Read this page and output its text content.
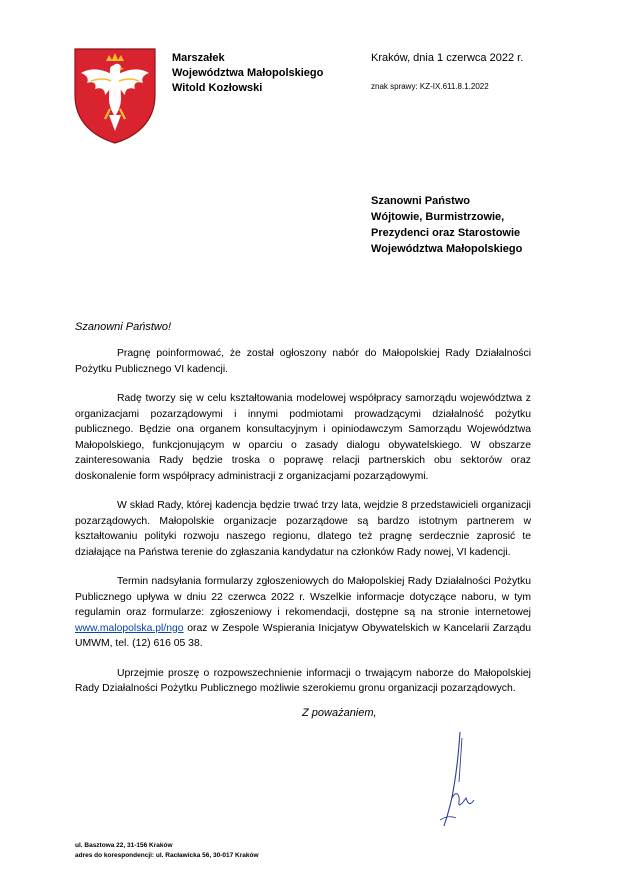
Marszałek
Województwa Małopolskiego
Witold Kozłowski
Kraków, dnia 1 czerwca 2022 r.
znak sprawy: KZ-IX.611.8.1.2022
Szanowni Państwo
Wójtowie, Burmistrzowie,
Prezydenci oraz Starostowie
Województwa Małopolskiego
Szanowni Państwo!

Pragnę poinformować, że został ogłoszony nabór do Małopolskiej Rady Działalności Pożytku Publicznego VI kadencji.

Radę tworzy się w celu kształtowania modelowej współpracy samorządu województwa z organizacjami pozarządowymi i innymi podmiotami prowadzącymi działalność pożytku publicznego. Będzie ona organem konsultacyjnym i opiniodawczym Samorządu Województwa Małopolskiego, funkcjonującym w oparciu o zasady dialogu obywatelskiego. W obszarze zainteresowania Rady będzie troska o poprawę relacji partnerskich obu sektorów oraz doskonalenie form współpracy administracji z organizacjami pozarządowymi.

W skład Rady, której kadencja będzie trwać trzy lata, wejdzie 8 przedstawicieli organizacji pozarządowych. Małopolskie organizacje pozarządowe są bardzo istotnym partnerem w kształtowaniu polityki rozwoju naszego regionu, dlatego też pragnę serdecznie zaprosić te działające na Państwa terenie do zgłaszania kandydatur na członków Rady nowej, VI kadencji.

Termin nadsyłania formularzy zgłoszeniowych do Małopolskiej Rady Działalności Pożytku Publicznego upływa w dniu 22 czerwca 2022 r. Wszelkie informacje dotyczące naboru, w tym regulamin oraz formularze: zgłoszeniowy i rekomendacji, dostępne są na stronie internetowej www.malopolska.pl/ngo oraz w Zespole Wspierania Inicjatyw Obywatelskich w Kancelarii Zarządu UMWM, tel. (12) 616 05 38.

Uprzejmie proszę o rozpowszechnienie informacji o trwającym naborze do Małopolskiej Rady Działalności Pożytku Publicznego możliwie szerokiemu gronu organizacji pozarządowych.

Z poważaniem,
ul. Basztowa 22, 31-156 Kraków
adres do korespondencji: ul. Racławicka 56, 30-017 Kraków
